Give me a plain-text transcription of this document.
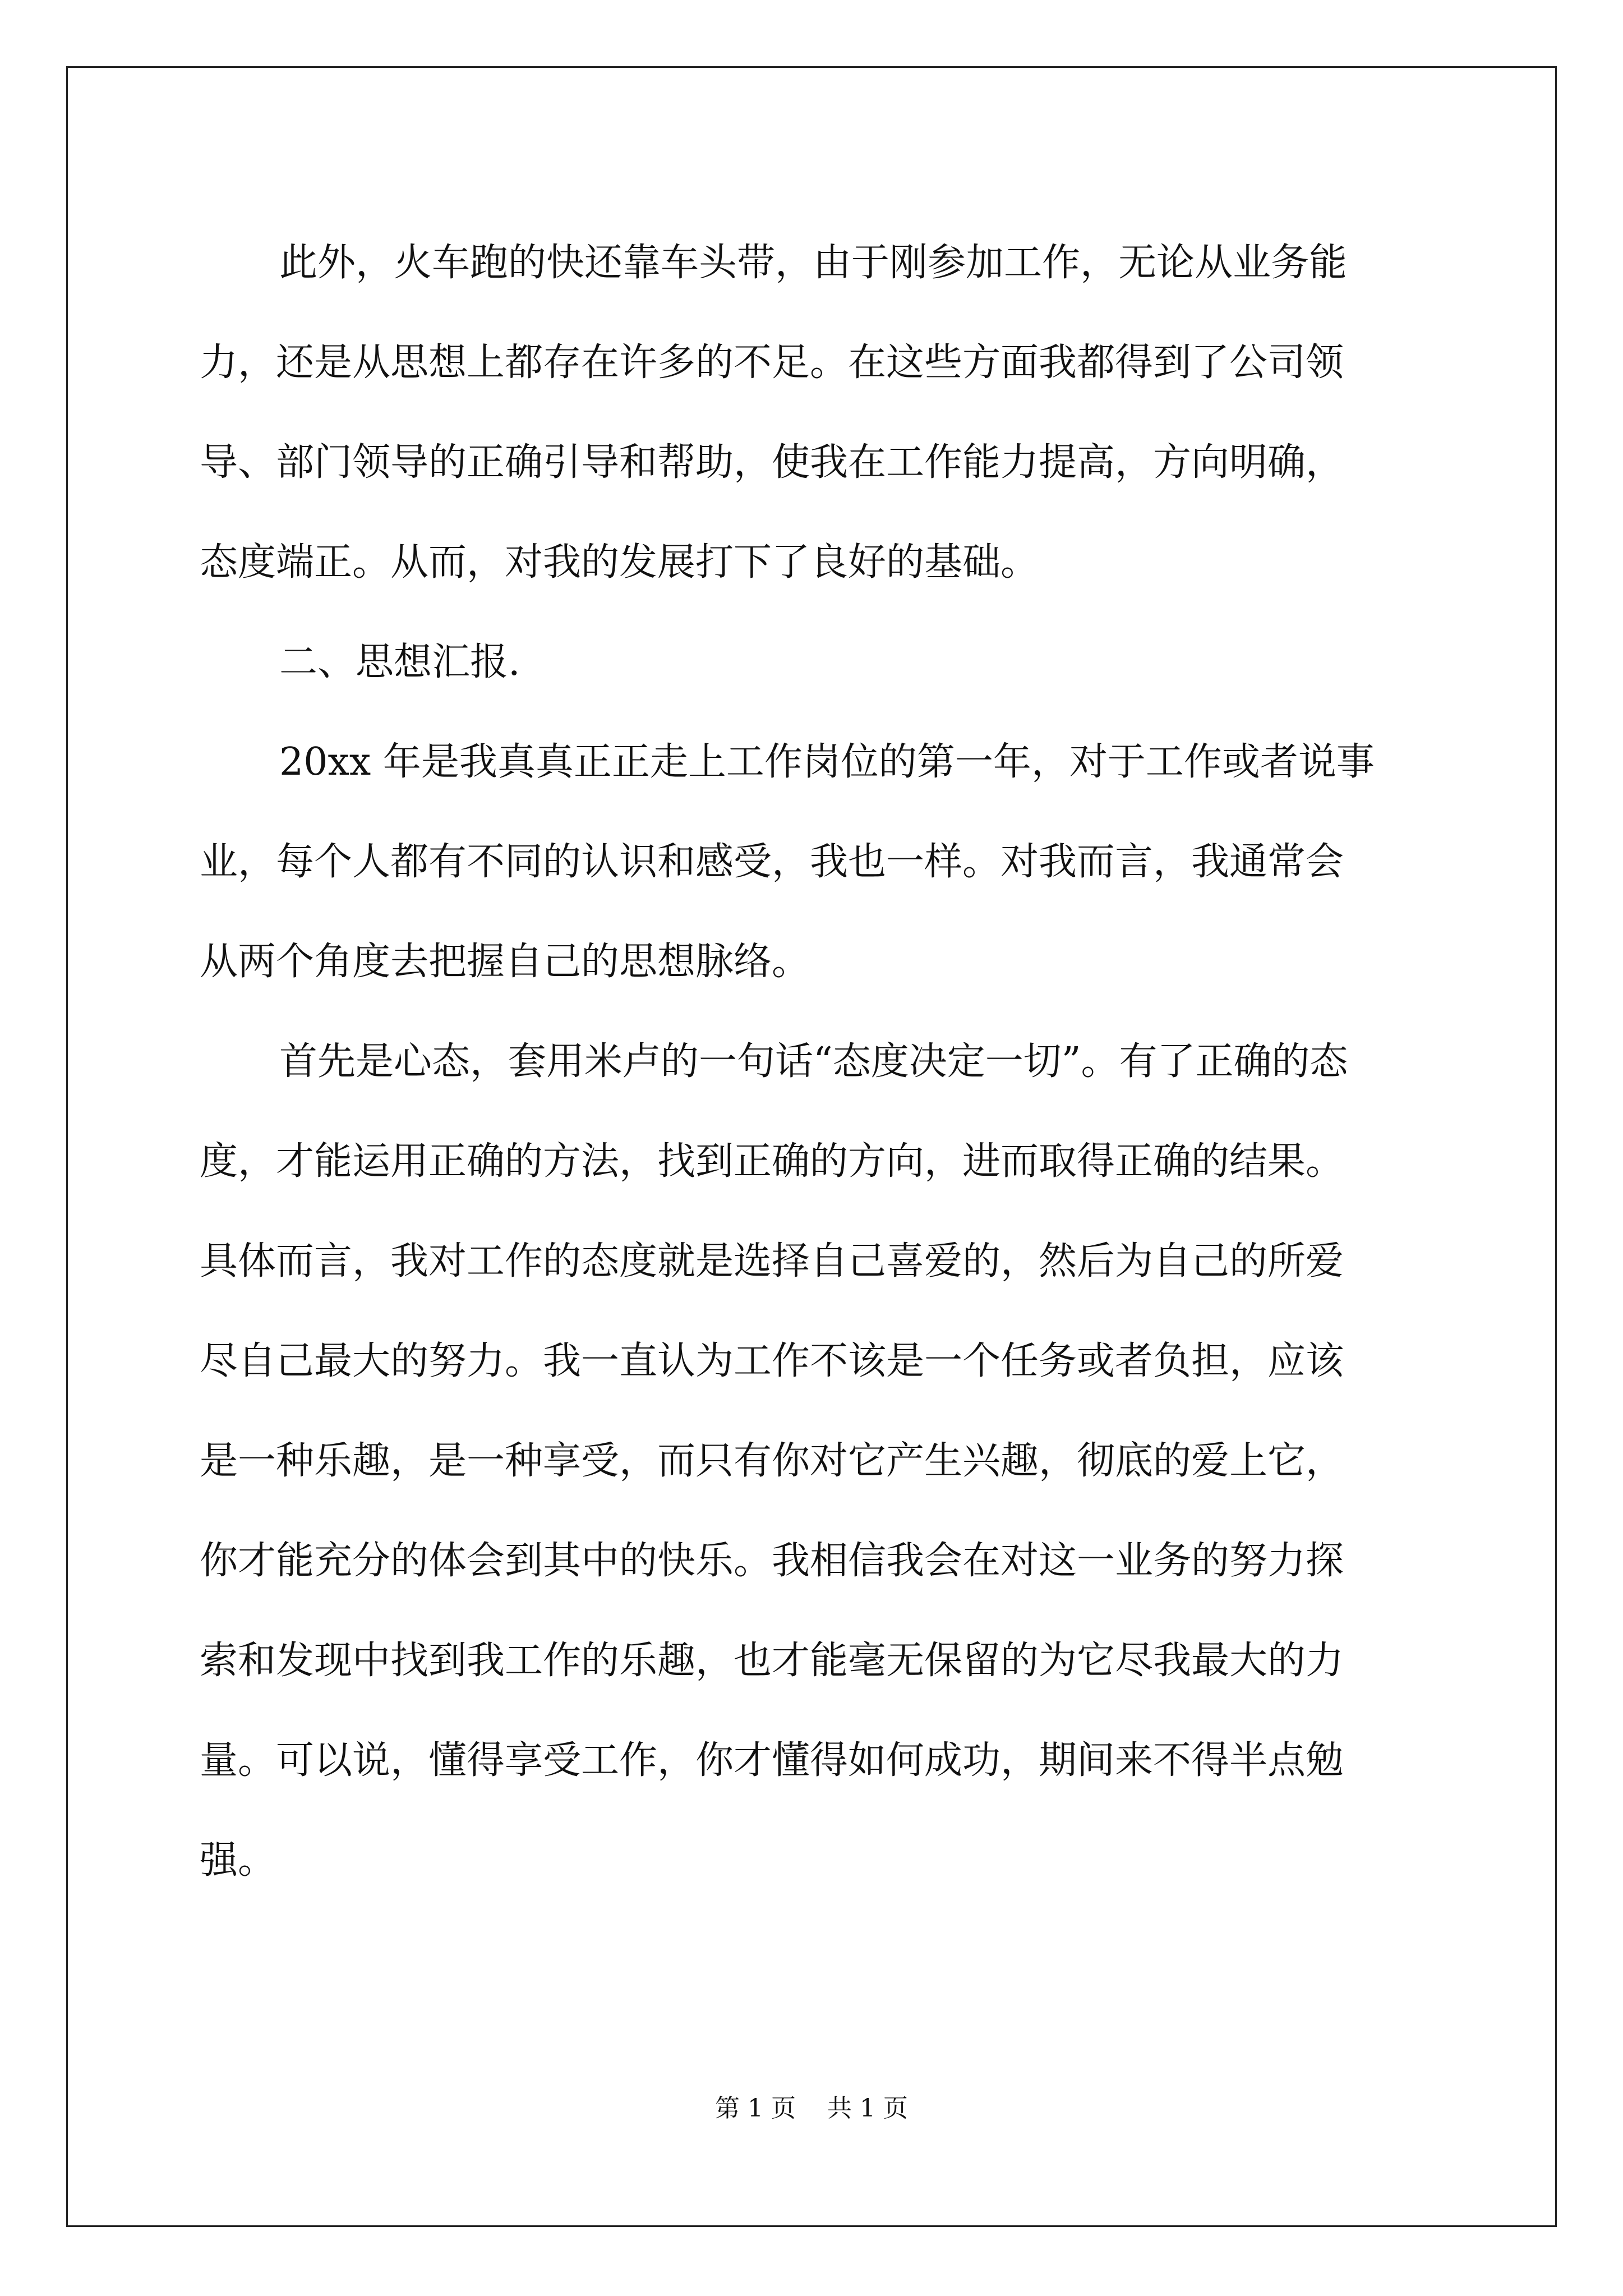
此外，火车跑的快还靠车头带，由于刚参加工作，无论从业务能
力，还是从思想上都存在许多的不足。在这些方面我都得到了公司领
导、部门领导的正确引导和帮助，使我在工作能力提高，方向明确，
态度端正。从而，对我的发展打下了良好的基础。

二、思想汇报.

20xx 年是我真真正正走上工作岗位的第一年，对于工作或者说事
业，每个人都有不同的认识和感受，我也一样。对我而言，我通常会
从两个角度去把握自己的思想脉络。

首先是心态，套用米卢的一句话“态度决定一切”。有了正确的态
度，才能运用正确的方法，找到正确的方向，进而取得正确的结果。
具体而言，我对工作的态度就是选择自己喜爱的，然后为自己的所爱
尽自己最大的努力。我一直认为工作不该是一个任务或者负担，应该
是一种乐趣，是一种享受，而只有你对它产生兴趣，彻底的爱上它，
你才能充分的体会到其中的快乐。我相信我会在对这一业务的努力探
索和发现中找到我工作的乐趣，也才能毫无保留的为它尽我最大的力
量。可以说，懂得享受工作，你才懂得如何成功，期间来不得半点勉
强。

第 1 页    共 1 页
